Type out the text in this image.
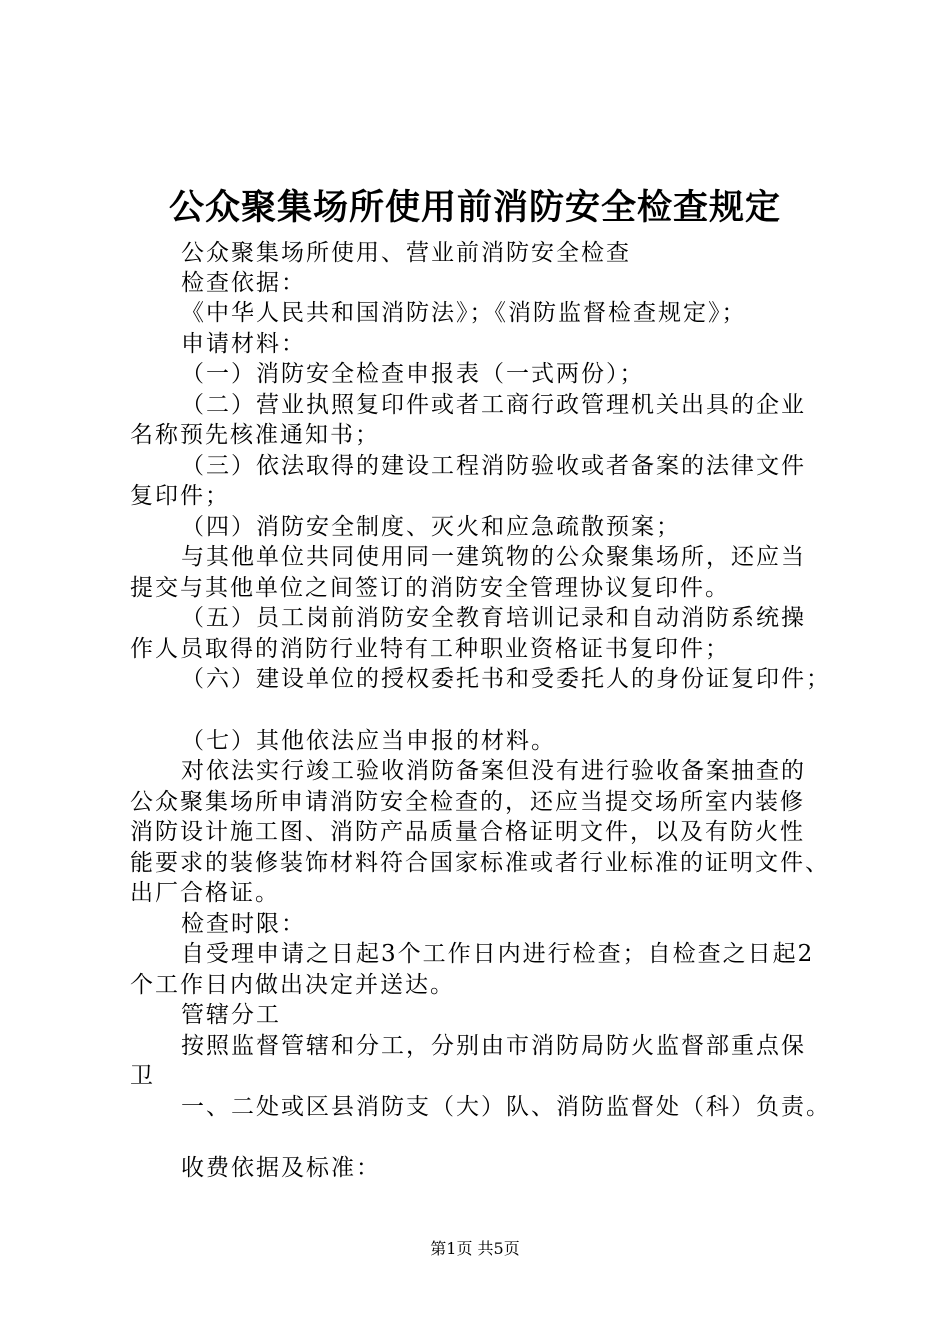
公众聚集场所使用前消防安全检查规定
公众聚集场所使用、营业前消防安全检查
检查依据：
《中华人民共和国消防法》；《消防监督检查规定》；
申请材料：
（一）消防安全检查申报表（一式两份）；
（二）营业执照复印件或者工商行政管理机关出具的企业
名称预先核准通知书；
（三）依法取得的建设工程消防验收或者备案的法律文件
复印件；
（四）消防安全制度、灭火和应急疏散预案；
与其他单位共同使用同一建筑物的公众聚集场所，还应当
提交与其他单位之间签订的消防安全管理协议复印件。
（五）员工岗前消防安全教育培训记录和自动消防系统操
作人员取得的消防行业特有工种职业资格证书复印件；
（六）建设单位的授权委托书和受委托人的身份证复印件；
（七）其他依法应当申报的材料。
对依法实行竣工验收消防备案但没有进行验收备案抽查的
公众聚集场所申请消防安全检查的，还应当提交场所室内装修
消防设计施工图、消防产品质量合格证明文件，以及有防火性
能要求的装修装饰材料符合国家标准或者行业标准的证明文件、
出厂合格证。
检查时限：
自受理申请之日起3个工作日内进行检查；自检查之日起2
个工作日内做出决定并送达。
管辖分工
按照监督管辖和分工，分别由市消防局防火监督部重点保
卫
一、二处或区县消防支（大）队、消防监督处（科）负责。
收费依据及标准：
第1页 共5页
